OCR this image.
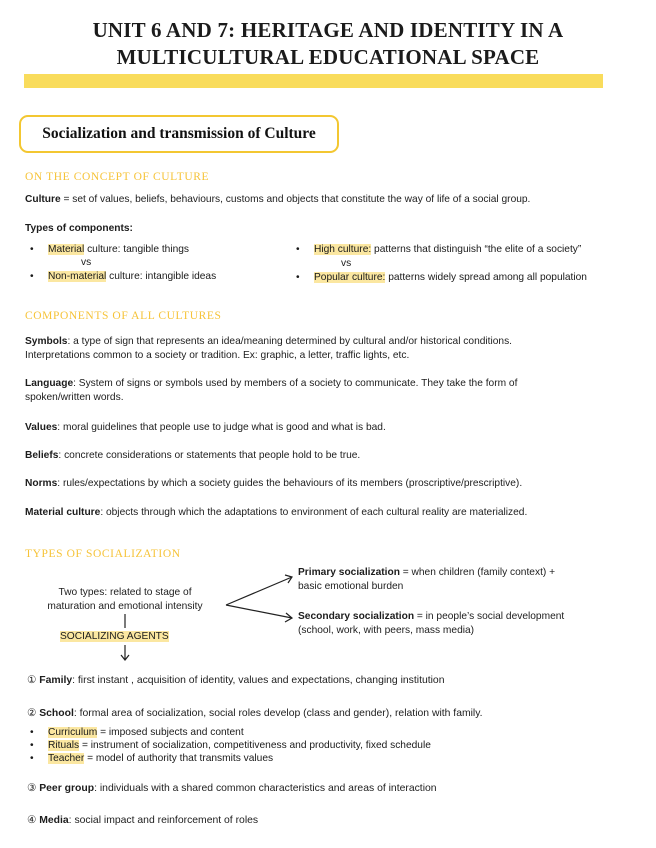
UNIT 6 AND 7: HERITAGE AND IDENTITY IN A
MULTICULTURAL EDUCATIONAL SPACE
Socialization and transmission of Culture
ON THE CONCEPT OF CULTURE
Culture = set of values, beliefs, behaviours, customs and objects that constitute the way of life of a social group.
Types of components:
• Material culture: tangible things
vs
• Non-material culture: intangible ideas
• High culture: patterns that distinguish “the elite of a society”
vs
• Popular culture: patterns widely spread among all population
COMPONENTS OF ALL CULTURES
Symbols: a type of sign that represents an idea/meaning determined by cultural and/or historical conditions.
Interpretations common to a society or tradition. Ex: graphic, a letter, traffic lights, etc.
Language: System of signs or symbols used by members of a society to communicate. They take the form of
spoken/written words.
Values: moral guidelines that people use to judge what is good and what is bad.
Beliefs: concrete considerations or statements that people hold to be true.
Norms: rules/expectations by which a society guides the behaviours of its members (proscriptive/prescriptive).
Material culture: objects through which the adaptations to environment of each cultural reality are materialized.
TYPES OF SOCIALIZATION
Two types: related to stage of
maturation and emotional intensity
Primary socialization = when children (family context) +
basic emotional burden
Secondary socialization = in people’s social development
(school, work, with peers, mass media)
SOCIALIZING AGENTS
① Family: first instant , acquisition of identity, values and expectations, changing institution
② School: formal area of socialization, social roles develop (class and gender), relation with family.
• Curriculum = imposed subjects and content
• Rituals = instrument of socialization, competitiveness and productivity, fixed schedule
• Teacher = model of authority that transmits values
③ Peer group: individuals with a shared common characteristics and areas of interaction
④ Media: social impact and reinforcement of roles
